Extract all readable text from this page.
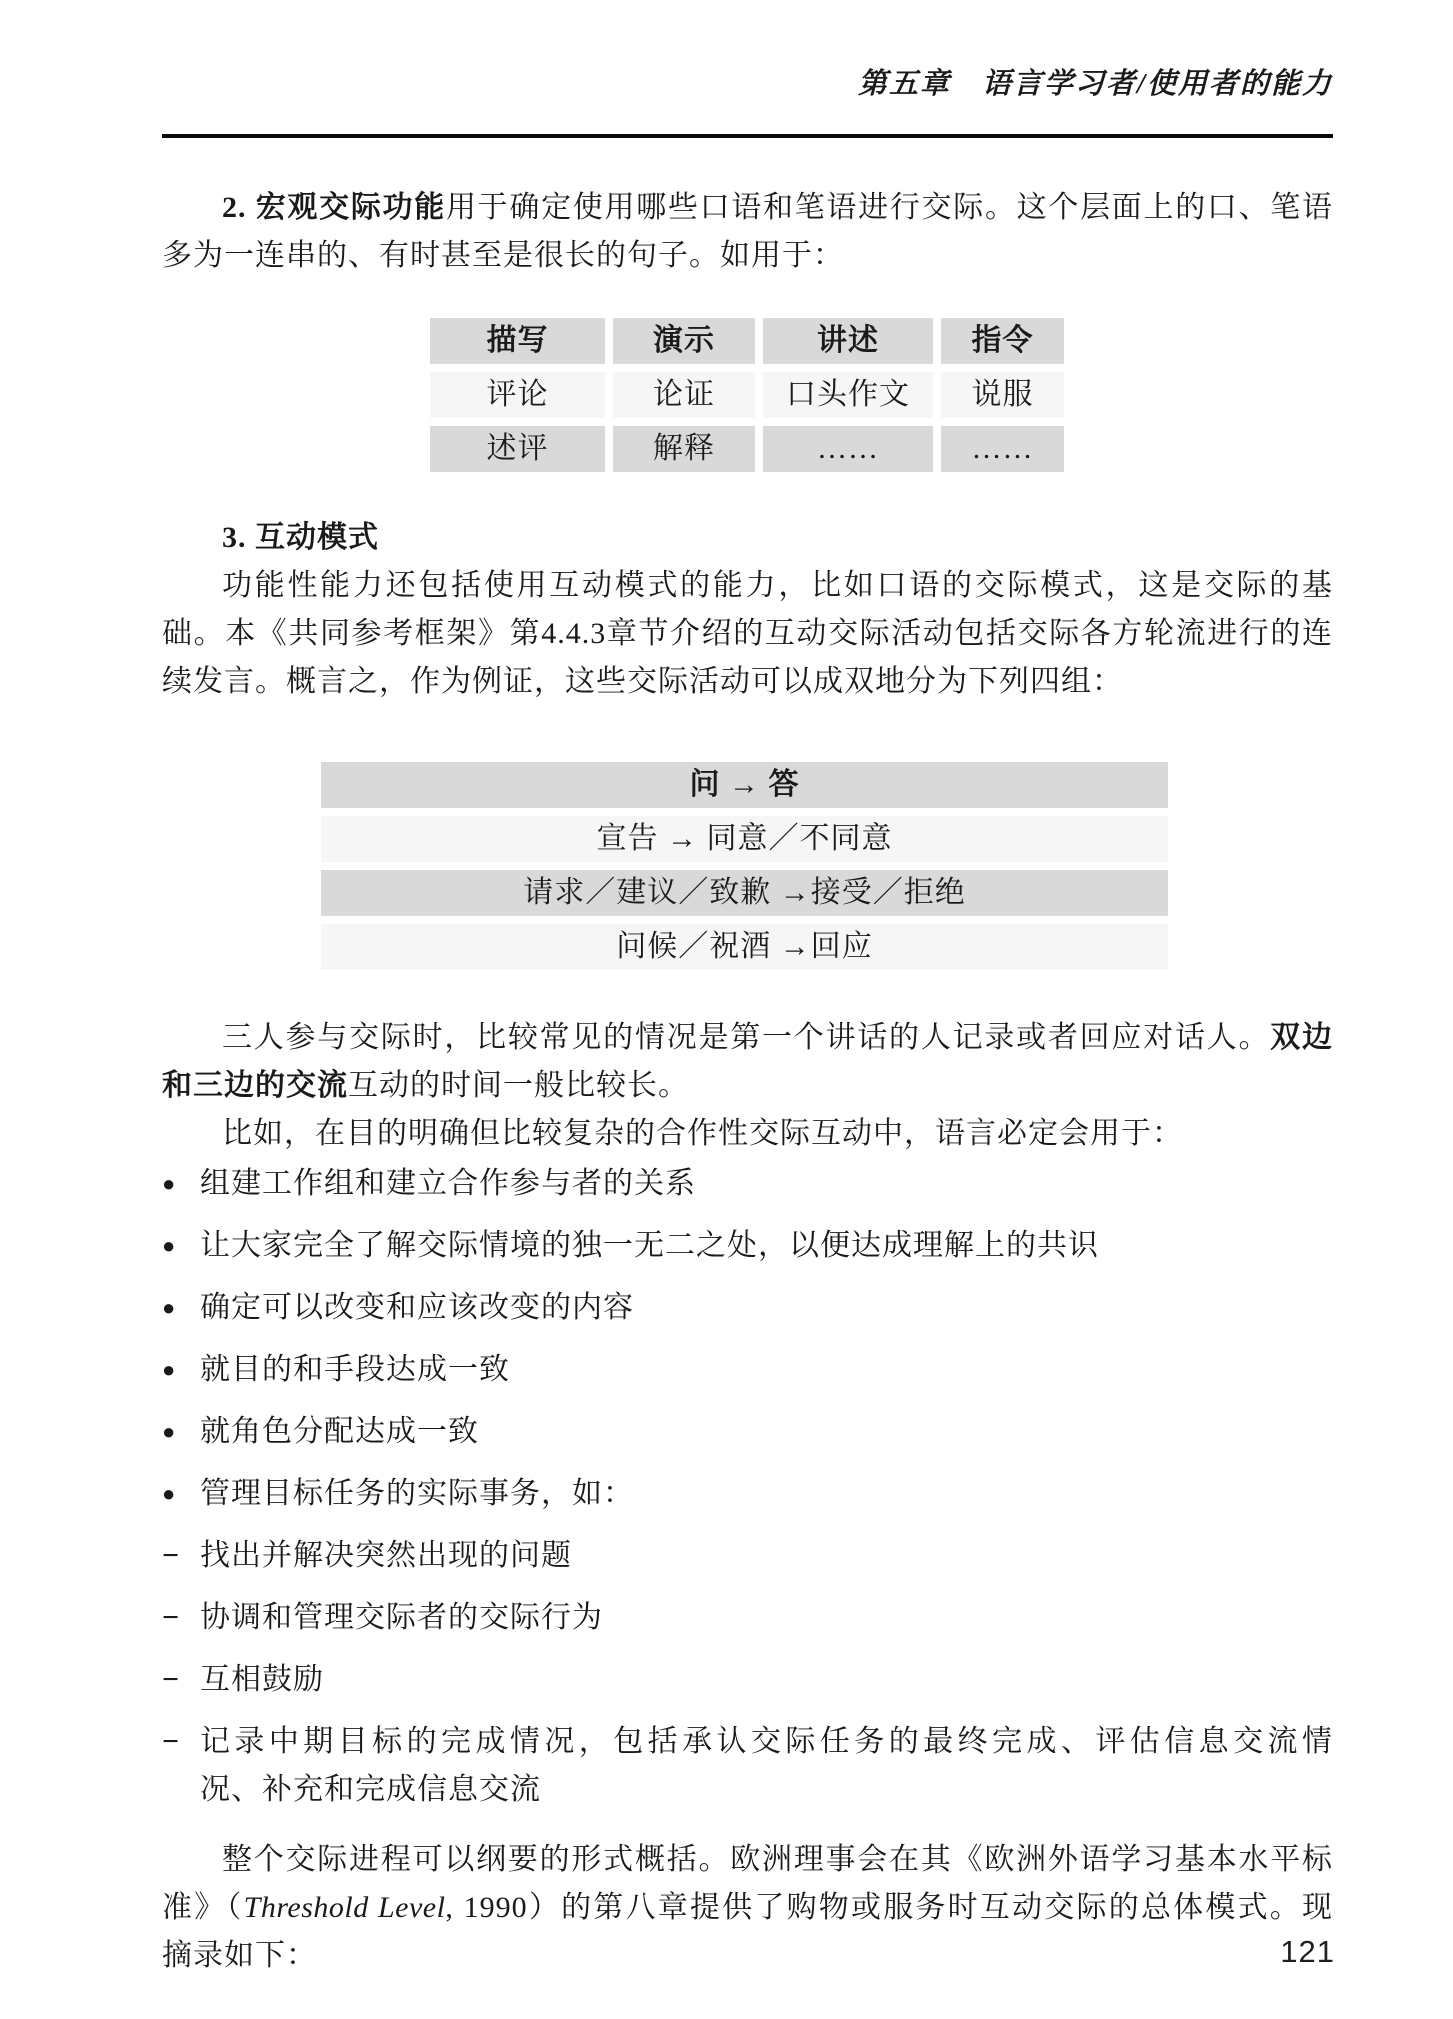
第五章　语言学习者/使用者的能力

2. 宏观交际功能用于确定使用哪些口语和笔语进行交际。这个层面上的口、笔语

多为一连串的、有时甚至是很长的句子。如用于：

描写	演示	讲述	指令
评论	论证	口头作文	说服
述评	解释	……	……

3. 互动模式

功能性能力还包括使用互动模式的能力，比如口语的交际模式，这是交际的基

础。本《共同参考框架》第4.4.3章节介绍的互动交际活动包括交际各方轮流进行的连

续发言。概言之，作为例证，这些交际活动可以成双地分为下列四组：

问 → 答
宣告 → 同意／不同意
请求／建议／致歉 →接受／拒绝
问候／祝酒 →回应

三人参与交际时，比较常见的情况是第一个讲话的人记录或者回应对话人。双边

和三边的交流互动的时间一般比较长。

比如，在目的明确但比较复杂的合作性交际互动中，语言必定会用于：

● 组建工作组和建立合作参与者的关系
● 让大家完全了解交际情境的独一无二之处，以便达成理解上的共识
● 确定可以改变和应该改变的内容
● 就目的和手段达成一致
● 就角色分配达成一致
● 管理目标任务的实际事务，如：
− 找出并解决突然出现的问题
− 协调和管理交际者的交际行为
− 互相鼓励
− 记录中期目标的完成情况，包括承认交际任务的最终完成、评估信息交流情
况、补充和完成信息交流

整个交际进程可以纲要的形式概括。欧洲理事会在其《欧洲外语学习基本水平标

准》（Threshold Level, 1990）的第八章提供了购物或服务时互动交际的总体模式。现

摘录如下：	121
